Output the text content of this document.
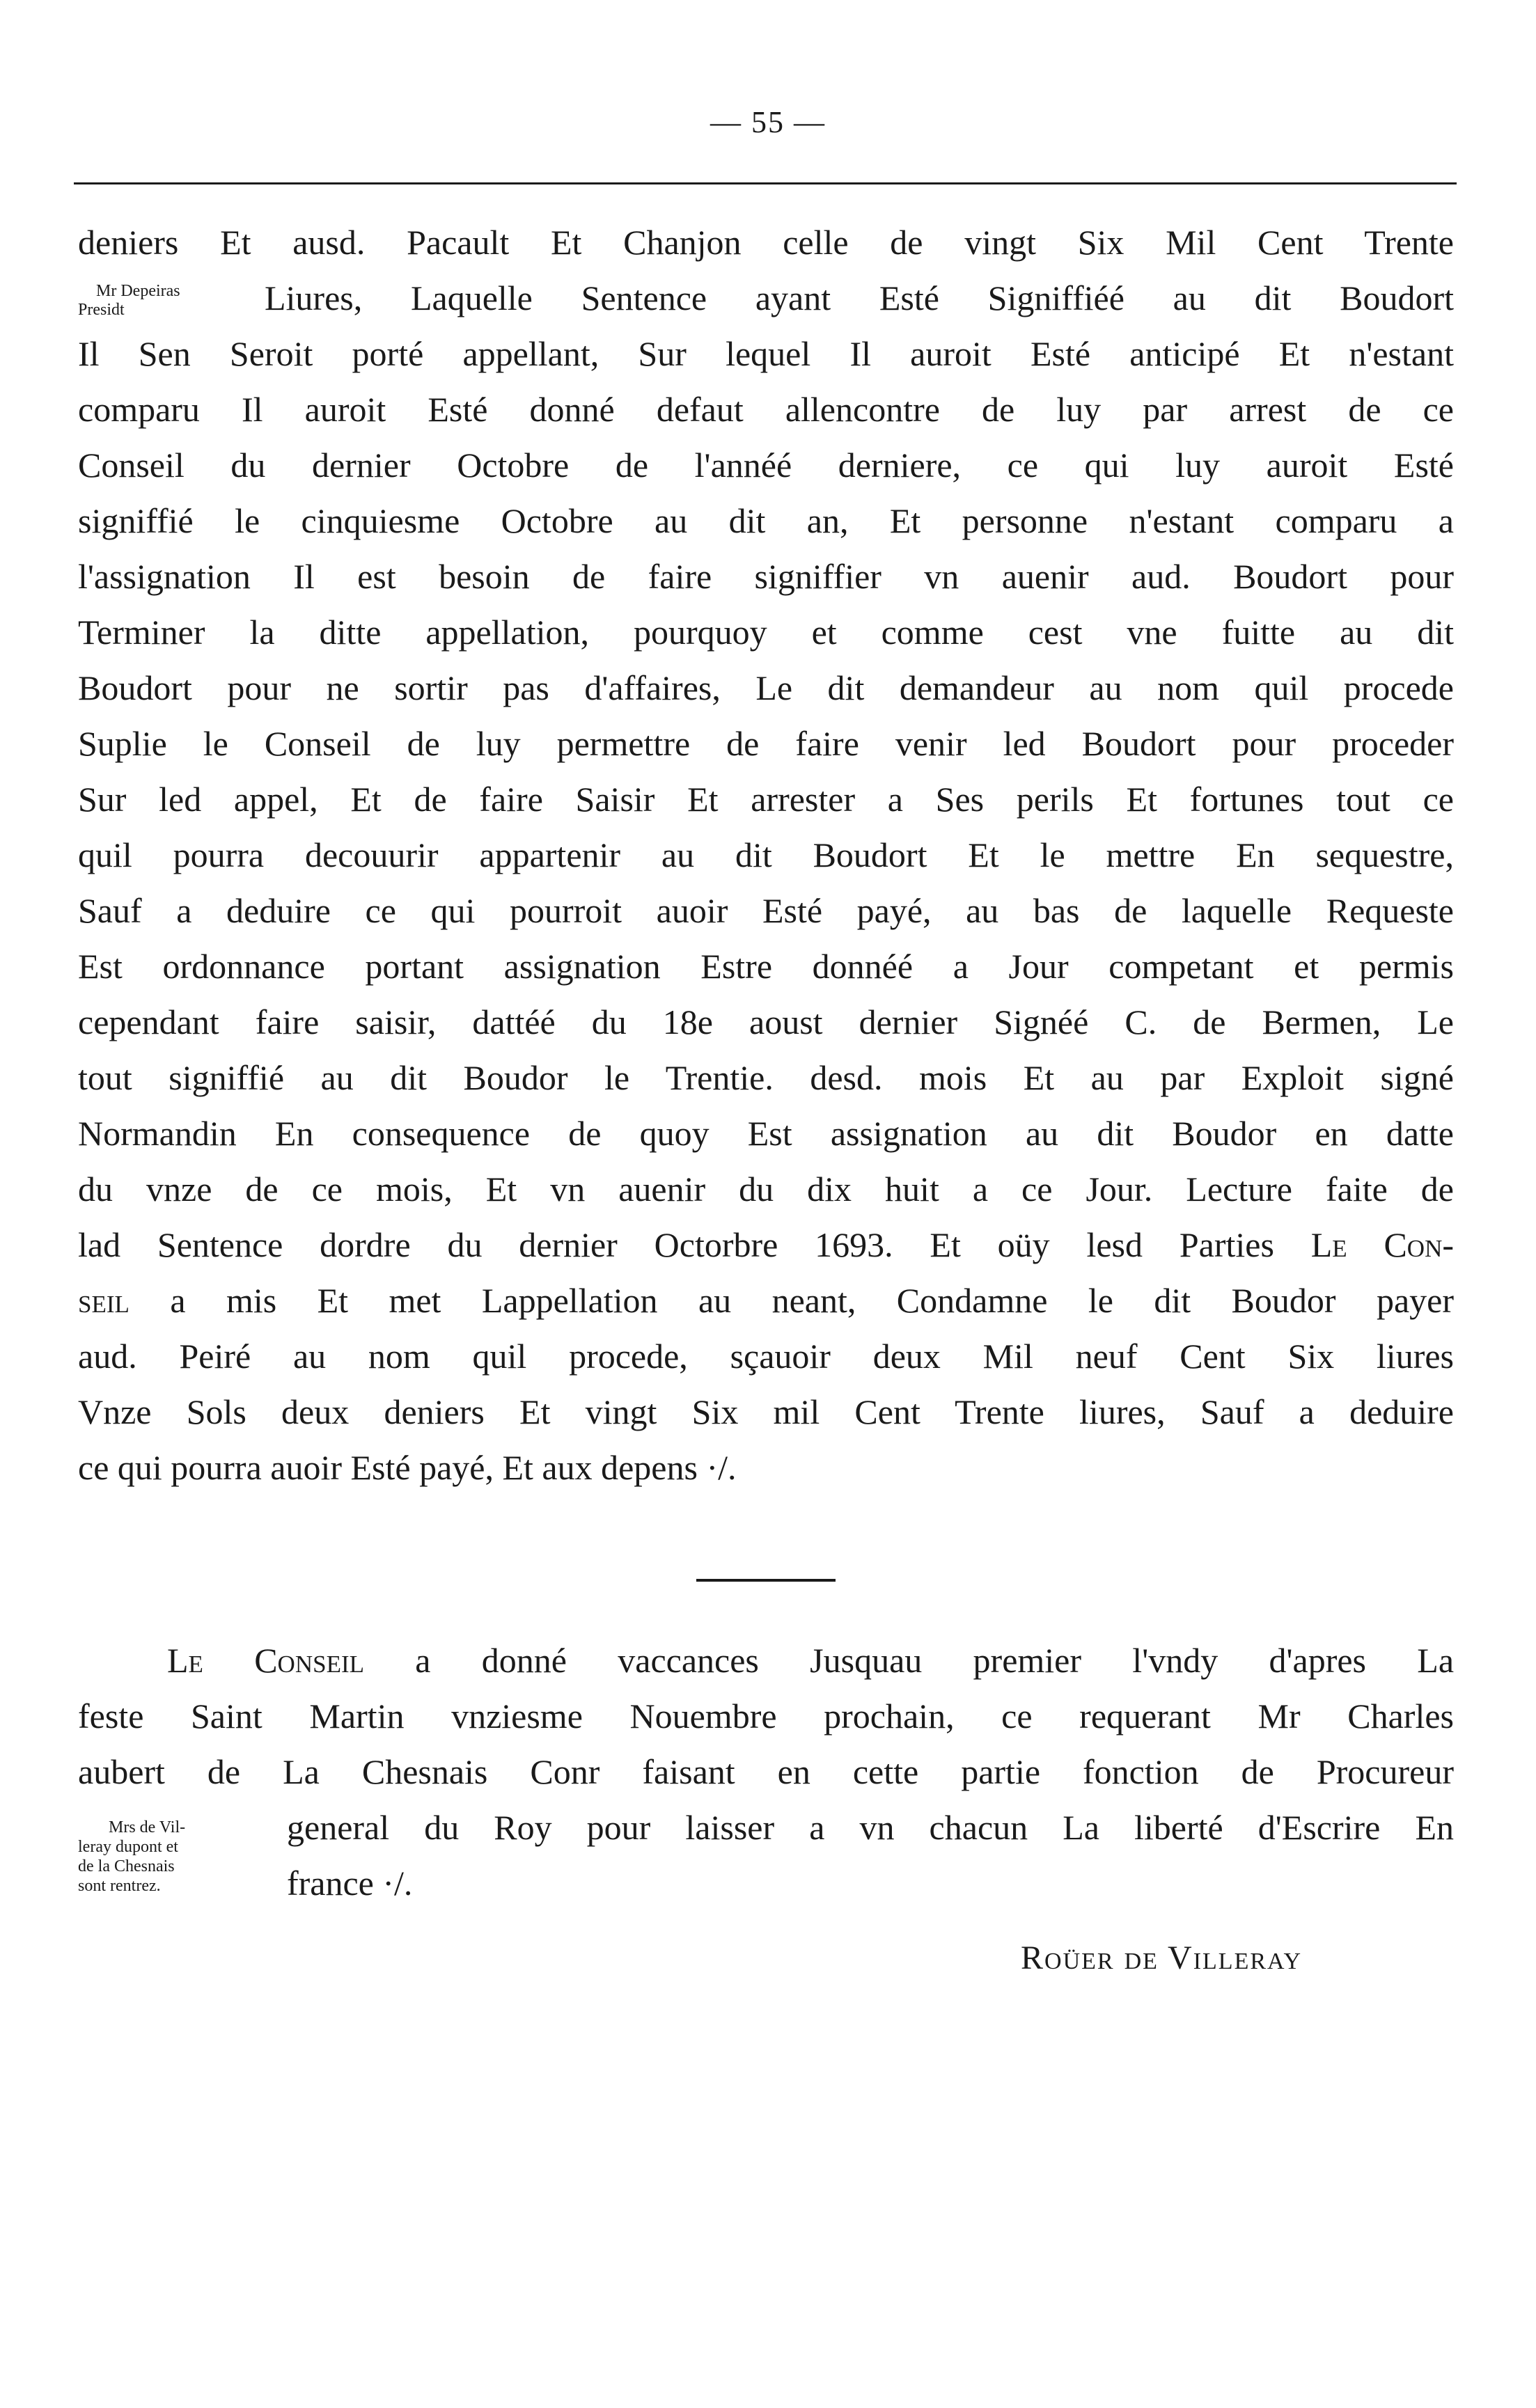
— 55 —
Mr Depeiras
Presidt
deniers Et ausd. Pacault Et Chanjon celle de vingt Six Mil Cent Trente
Liures, Laquelle Sentence ayant Esté Signiffiéé au dit Boudort
Il Sen Seroit porté appellant, Sur lequel Il auroit Esté anticipé Et n'estant
comparu Il auroit Esté donné defaut allencontre de luy par arrest de ce
Conseil du dernier Octobre de l'annéé derniere, ce qui luy auroit Esté
signiffié le cinquiesme Octobre au dit an, Et personne n'estant comparu a
l'assignation Il est besoin de faire signiffier vn auenir aud. Boudort pour
Terminer la ditte appellation, pourquoy et comme cest vne fuitte au dit
Boudort pour ne sortir pas d'affaires, Le dit demandeur au nom quil procede
Suplie le Conseil de luy permettre de faire venir led Boudort pour proceder
Sur led appel, Et de faire Saisir Et arrester a Ses perils Et fortunes tout ce
quil pourra decouurir appartenir au dit Boudort Et le mettre En sequestre,
Sauf a deduire ce qui pourroit auoir Esté payé, au bas de laquelle Requeste
Est ordonnance portant assignation Estre donnéé a Jour competant et permis
cependant faire saisir, dattéé du 18e aoust dernier Signéé C. de Bermen, Le
tout signiffié au dit Boudor le Trentie. desd. mois Et au par Exploit signé
Normandin En consequence de quoy Est assignation au dit Boudor en datte
du vnze de ce mois, Et vn auenir du dix huit a ce Jour. Lecture faite de
lad Sentence dordre du dernier Octorbre 1693. Et oüy lesd Parties Le Con-
seil a mis Et met Lappellation au neant, Condamne le dit Boudor payer
aud. Peiré au nom quil procede, sçauoir deux Mil neuf Cent Six liures
Vnze Sols deux deniers Et vingt Six mil Cent Trente liures, Sauf a deduire
ce qui pourra auoir Esté payé, Et aux depens ·/.
Le Conseil a donné vaccances Jusquau premier l'vndy d'apres La
feste Saint Martin vnziesme Nouembre prochain, ce requerant Mr Charles
aubert de La Chesnais Conr faisant en cette partie fonction de Procureur
general du Roy pour laisser a vn chacun La liberté d'Escrire En
france ·/.
Mrs de Vil-
leray dupont et
de la Chesnais
sont rentrez.
Roüer de Villeray
